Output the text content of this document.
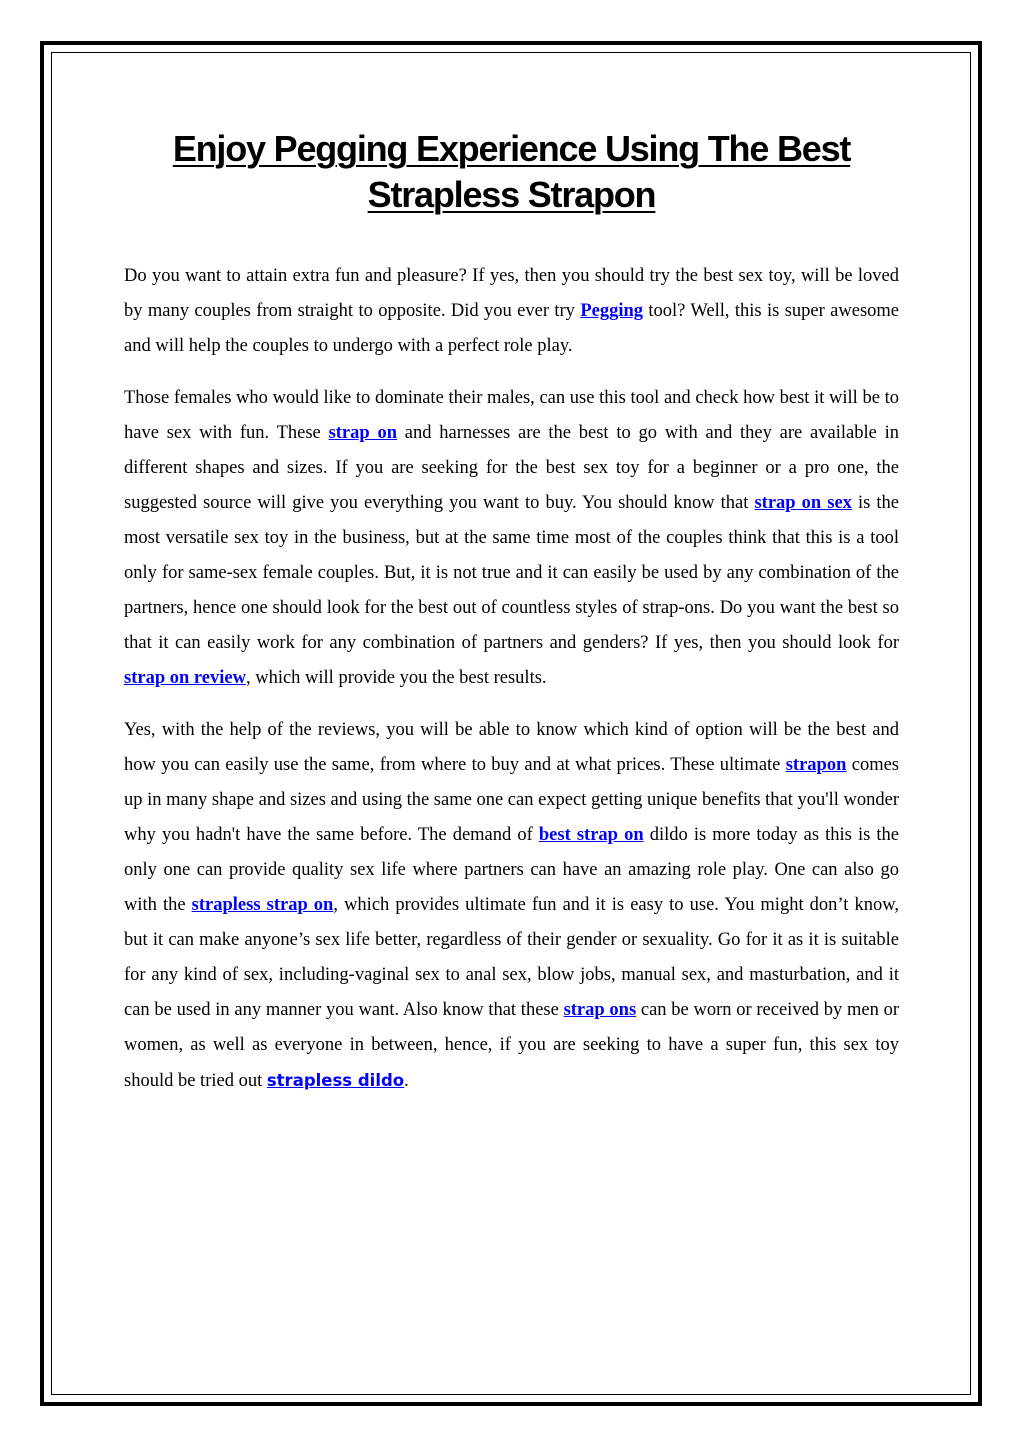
Enjoy Pegging Experience Using The Best
Strapless Strapon

Do you want to attain extra fun and pleasure? If yes, then you should try the best sex toy, will be loved by many couples from straight to opposite. Did you ever try Pegging tool? Well, this is super awesome and will help the couples to undergo with a perfect role play.

Those females who would like to dominate their males, can use this tool and check how best it will be to have sex with fun. These strap on and harnesses are the best to go with and they are available in different shapes and sizes. If you are seeking for the best sex toy for a beginner or a pro one, the suggested source will give you everything you want to buy. You should know that strap on sex is the most versatile sex toy in the business, but at the same time most of the couples think that this is a tool only for same-sex female couples. But, it is not true and it can easily be used by any combination of the partners, hence one should look for the best out of countless styles of strap-ons. Do you want the best so that it can easily work for any combination of partners and genders? If yes, then you should look for strap on review, which will provide you the best results.

Yes, with the help of the reviews, you will be able to know which kind of option will be the best and how you can easily use the same, from where to buy and at what prices. These ultimate strapon comes up in many shape and sizes and using the same one can expect getting unique benefits that you'll wonder why you hadn't have the same before. The demand of best strap on dildo is more today as this is the only one can provide quality sex life where partners can have an amazing role play. One can also go with the strapless strap on, which provides ultimate fun and it is easy to use. You might don’t know, but it can make anyone’s sex life better, regardless of their gender or sexuality. Go for it as it is suitable for any kind of sex, including-vaginal sex to anal sex, blow jobs, manual sex, and masturbation, and it can be used in any manner you want. Also know that these strap ons can be worn or received by men or women, as well as everyone in between, hence, if you are seeking to have a super fun, this sex toy should be tried out strapless dildo.
